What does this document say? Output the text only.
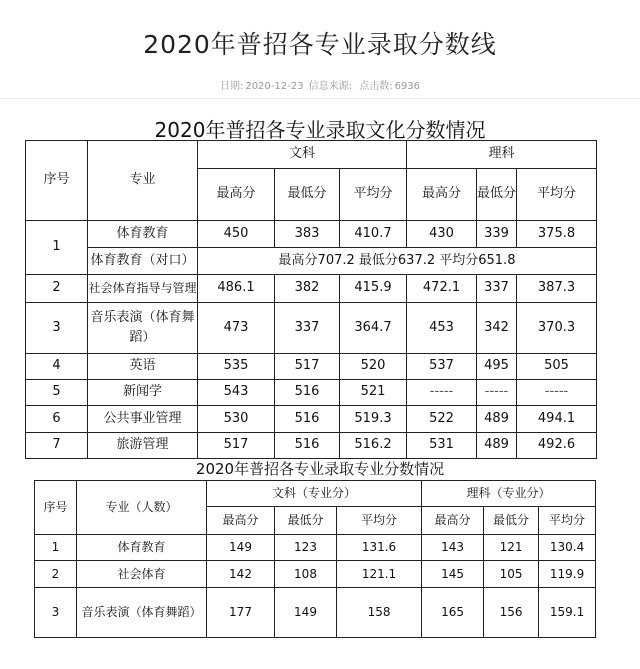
2020年普招各专业录取分数线
日期: 2020-12-23 信息来源: 点击数: 6936
2020年普招各专业录取文化分数情况
序号	专业	文科			理科		
		最高分	最低分	平均分	最高分	最低分	平均分
1	体育教育	450	383	410.7	430	339	375.8
	体育教育（对口）	最高分707.2 最低分637.2 平均分651.8					
2	社会体育指导与管理	486.1	382	415.9	472.1	337	387.3
3	音乐表演（体育舞蹈）	473	337	364.7	453	342	370.3
4	英语	535	517	520	537	495	505
5	新闻学	543	516	521	-----	-----	-----
6	公共事业管理	530	516	519.3	522	489	494.1
7	旅游管理	517	516	516.2	531	489	492.6
2020年普招各专业录取专业分数情况
序号	专业（人数）	文科（专业分）			理科（专业分）		
		最高分	最低分	平均分	最高分	最低分	平均分
1	体育教育	149	123	131.6	143	121	130.4
2	社会体育	142	108	121.1	145	105	119.9
3	音乐表演（体育舞蹈）	177	149	158	165	156	159.1
